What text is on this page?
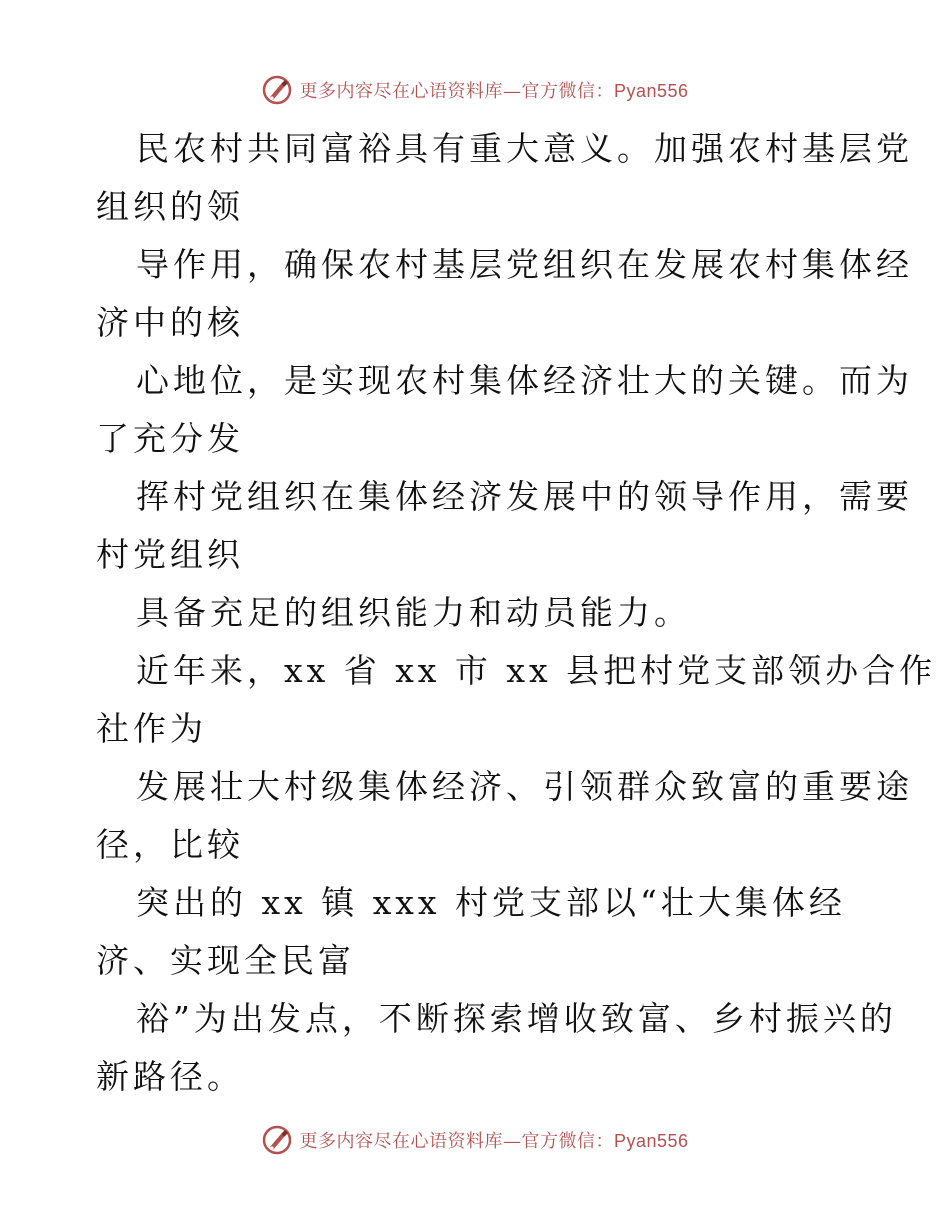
更多内容尽在心语资料库—官方微信：Pyan556
民农村共同富裕具有重大意义。加强农村基层党
组织的领
导作用，确保农村基层党组织在发展农村集体经
济中的核
心地位，是实现农村集体经济壮大的关键。而为
了充分发
挥村党组织在集体经济发展中的领导作用，需要
村党组织
具备充足的组织能力和动员能力。
近年来，xx 省 xx 市 xx 县把村党支部领办合作
社作为
发展壮大村级集体经济、引领群众致富的重要途
径，比较
突出的 xx 镇 xxx 村党支部以“壮大集体经
济、实现全民富
裕”为出发点，不断探索增收致富、乡村振兴的
新路径。
更多内容尽在心语资料库—官方微信：Pyan556
